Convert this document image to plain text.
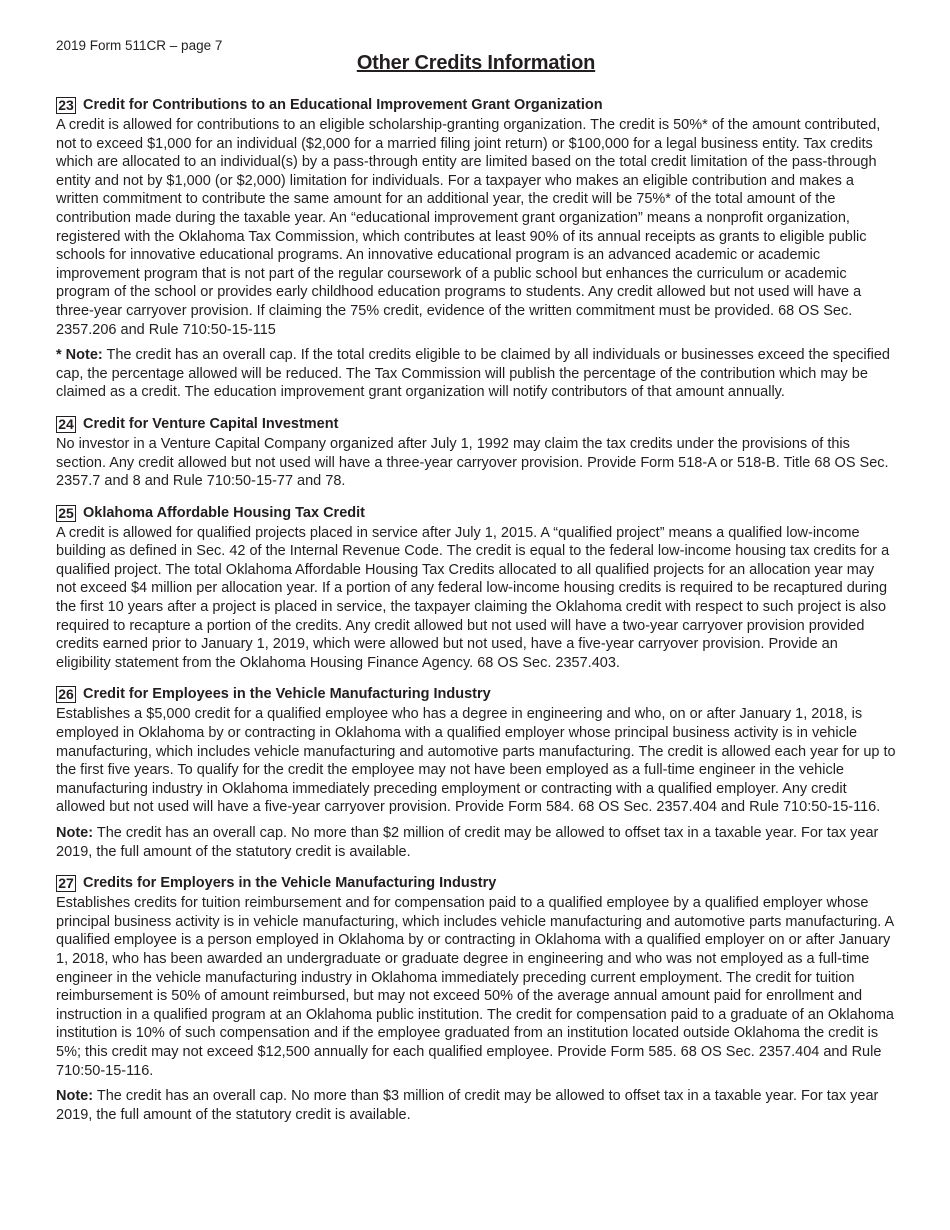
2019 Form 511CR – page 7

Other Credits Information
23 Credit for Contributions to an Educational Improvement Grant Organization

A credit is allowed for contributions to an eligible scholarship-granting organization. The credit is 50%* of the amount contributed, not to exceed $1,000 for an individual ($2,000 for a married filing joint return) or $100,000 for a legal business entity. Tax credits which are allocated to an individual(s) by a pass-through entity are limited based on the total credit limitation of the pass-through entity and not by $1,000 (or $2,000) limitation for individuals. For a taxpayer who makes an eligible contribution and makes a written commitment to contribute the same amount for an additional year, the credit will be 75%* of the total amount of the contribution made during the taxable year. An “educational improvement grant organization” means a nonprofit organization, registered with the Oklahoma Tax Commission, which contributes at least 90% of its annual receipts as grants to eligible public schools for innovative educational programs. An innovative educational program is an advanced academic or academic improvement program that is not part of the regular coursework of a public school but enhances the curriculum or academic program of the school or provides early childhood education programs to students. Any credit allowed but not used will have a three-year carryover provision. If claiming the 75% credit, evidence of the written commitment must be provided. 68 OS Sec. 2357.206 and Rule 710:50-15-115

* Note: The credit has an overall cap. If the total credits eligible to be claimed by all individuals or businesses exceed the specified cap, the percentage allowed will be reduced. The Tax Commission will publish the percentage of the contribution which may be claimed as a credit. The education improvement grant organization will notify contributors of that amount annually.

24 Credit for Venture Capital Investment

No investor in a Venture Capital Company organized after July 1, 1992 may claim the tax credits under the provisions of this section. Any credit allowed but not used will have a three-year carryover provision. Provide Form 518-A or 518-B. Title 68 OS Sec. 2357.7 and 8 and Rule 710:50-15-77 and 78.

25 Oklahoma Affordable Housing Tax Credit

A credit is allowed for qualified projects placed in service after July 1, 2015. A “qualified project” means a qualified low-income building as defined in Sec. 42 of the Internal Revenue Code. The credit is equal to the federal low-income housing tax credits for a qualified project. The total Oklahoma Affordable Housing Tax Credits allocated to all qualified projects for an allocation year may not exceed $4 million per allocation year. If a portion of any federal low-income housing credits is required to be recaptured during the first 10 years after a project is placed in service, the taxpayer claiming the Oklahoma credit with respect to such project is also required to recapture a portion of the credits. Any credit allowed but not used will have a two-year carryover provision provided credits earned prior to January 1, 2019, which were allowed but not used, have a five-year carryover provision. Provide an eligibility statement from the Oklahoma Housing Finance Agency. 68 OS Sec. 2357.403.

26 Credit for Employees in the Vehicle Manufacturing Industry

Establishes a $5,000 credit for a qualified employee who has a degree in engineering and who, on or after January 1, 2018, is employed in Oklahoma by or contracting in Oklahoma with a qualified employer whose principal business activity is in vehicle manufacturing, which includes vehicle manufacturing and automotive parts manufacturing. The credit is allowed each year for up to the first five years. To qualify for the credit the employee may not have been employed as a full-time engineer in the vehicle manufacturing industry in Oklahoma immediately preceding employment or contracting with a qualified employer. Any credit allowed but not used will have a five-year carryover provision. Provide Form 584. 68 OS Sec. 2357.404 and Rule 710:50-15-116.

Note: The credit has an overall cap. No more than $2 million of credit may be allowed to offset tax in a taxable year. For tax year 2019, the full amount of the statutory credit is available.

27 Credits for Employers in the Vehicle Manufacturing Industry

Establishes credits for tuition reimbursement and for compensation paid to a qualified employee by a qualified employer whose principal business activity is in vehicle manufacturing, which includes vehicle manufacturing and automotive parts manufacturing. A qualified employee is a person employed in Oklahoma by or contracting in Oklahoma with a qualified employer on or after January 1, 2018, who has been awarded an undergraduate or graduate degree in engineering and who was not employed as a full-time engineer in the vehicle manufacturing industry in Oklahoma immediately preceding current employment. The credit for tuition reimbursement is 50% of amount reimbursed, but may not exceed 50% of the average annual amount paid for enrollment and instruction in a qualified program at an Oklahoma public institution. The credit for compensation paid to a graduate of an Oklahoma institution is 10% of such compensation and if the employee graduated from an institution located outside Oklahoma the credit is 5%; this credit may not exceed $12,500 annually for each qualified employee. Provide Form 585. 68 OS Sec. 2357.404 and Rule 710:50-15-116.

Note: The credit has an overall cap. No more than $3 million of credit may be allowed to offset tax in a taxable year. For tax year 2019, the full amount of the statutory credit is available.
